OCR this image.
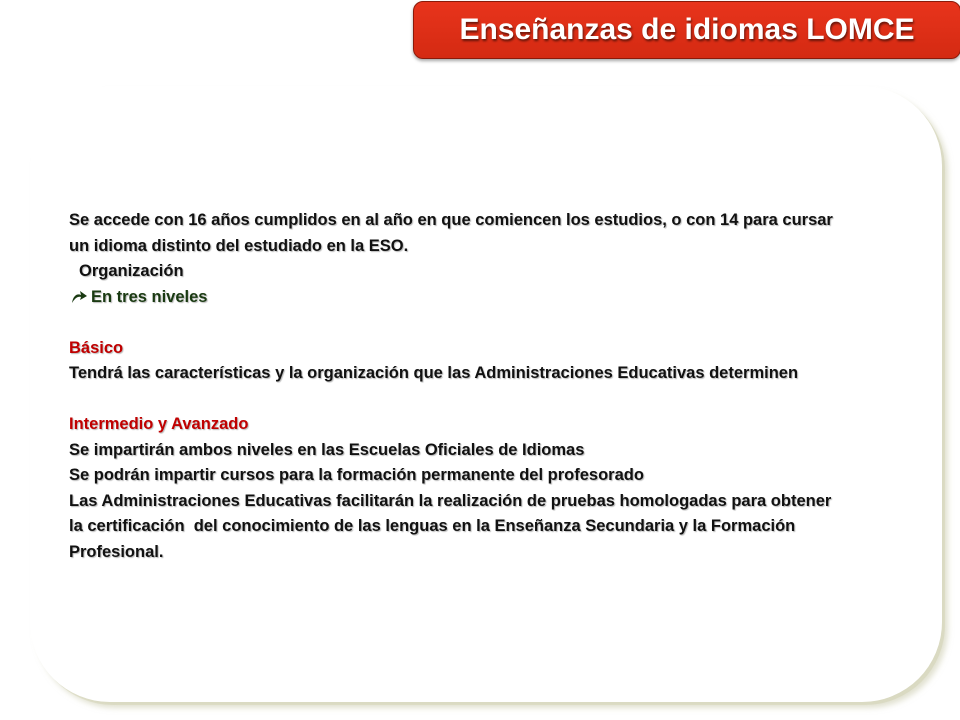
Enseñanzas de idiomas LOMCE

Se accede con 16 años cumplidos en al año en que comiencen los estudios, o con 14 para cursar

un idioma distinto del estudiado en la ESO.

Organización

En tres niveles

Básico

Tendrá las características y la organización que las Administraciones Educativas determinen

Intermedio y Avanzado

Se impartirán ambos niveles en las Escuelas Oficiales de Idiomas

Se podrán impartir cursos para la formación permanente del profesorado

Las Administraciones Educativas facilitarán la realización de pruebas homologadas para obtener

la certificación  del conocimiento de las lenguas en la Enseñanza Secundaria y la Formación

Profesional.
